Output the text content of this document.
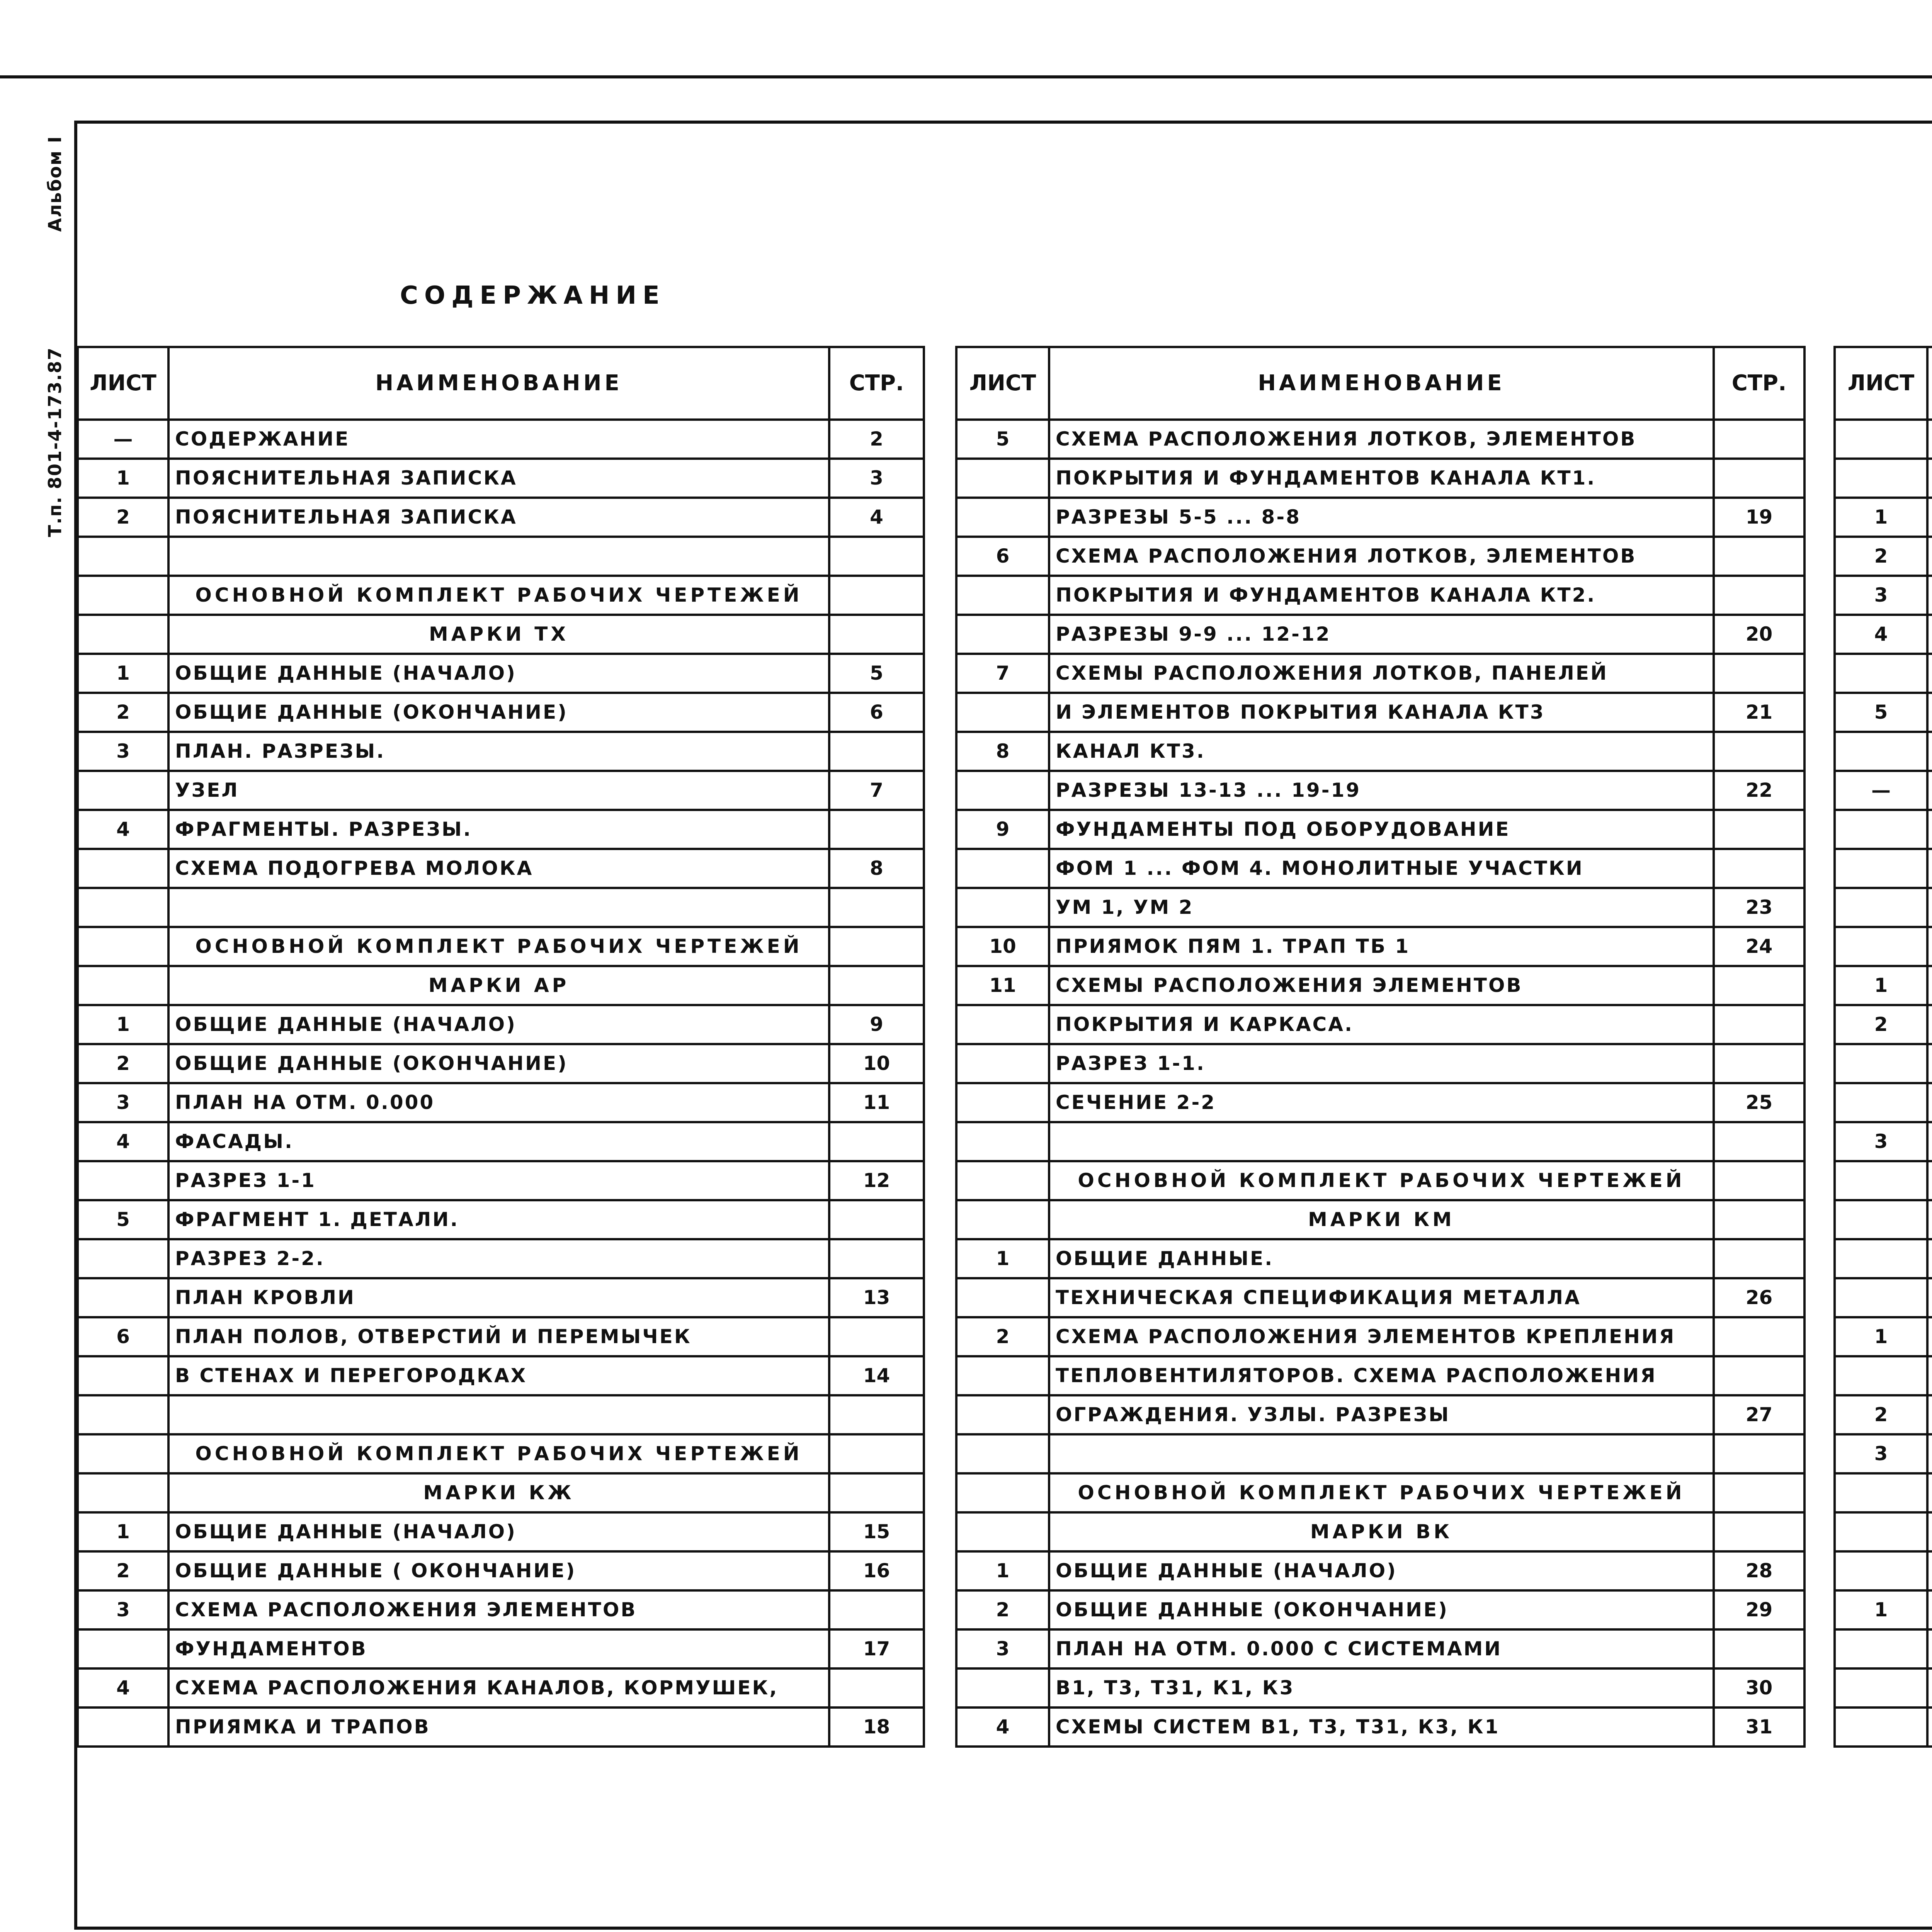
Альбом I
Т.п. 801-4-173.87
СОДЕРЖАНИЕ
ЛИСТ	НАИМЕНОВАНИЕ	СТР.
—	СОДЕРЖАНИЕ	2
1	ПОЯСНИТЕЛЬНАЯ ЗАПИСКА	3
2	ПОЯСНИТЕЛЬНАЯ ЗАПИСКА	4

	ОСНОВНОЙ КОМПЛЕКТ РАБОЧИХ ЧЕРТЕЖЕЙ	
	МАРКИ ТХ	
1	ОБЩИЕ ДАННЫЕ (НАЧАЛО)	5
2	ОБЩИЕ ДАННЫЕ (ОКОНЧАНИЕ)	6
3	ПЛАН. РАЗРЕЗЫ.	
	УЗЕЛ	7
4	ФРАГМЕНТЫ. РАЗРЕЗЫ.	
	СХЕМА ПОДОГРЕВА МОЛОКА	8

	ОСНОВНОЙ КОМПЛЕКТ РАБОЧИХ ЧЕРТЕЖЕЙ	
	МАРКИ АР	
1	ОБЩИЕ ДАННЫЕ (НАЧАЛО)	9
2	ОБЩИЕ ДАННЫЕ (ОКОНЧАНИЕ)	10
3	ПЛАН НА ОТМ. 0.000	11
4	ФАСАДЫ.	
	РАЗРЕЗ 1-1	12
5	ФРАГМЕНТ 1. ДЕТАЛИ.	
	РАЗРЕЗ 2-2.	
	ПЛАН КРОВЛИ	13
6	ПЛАН ПОЛОВ, ОТВЕРСТИЙ И ПЕРЕМЫЧЕК	
	В СТЕНАХ И ПЕРЕГОРОДКАХ	14

	ОСНОВНОЙ КОМПЛЕКТ РАБОЧИХ ЧЕРТЕЖЕЙ	
	МАРКИ КЖ	
1	ОБЩИЕ ДАННЫЕ (НАЧАЛО)	15
2	ОБЩИЕ ДАННЫЕ ( ОКОНЧАНИЕ)	16
3	СХЕМА РАСПОЛОЖЕНИЯ ЭЛЕМЕНТОВ	
	ФУНДАМЕНТОВ	17
4	СХЕМА РАСПОЛОЖЕНИЯ КАНАЛОВ, КОРМУШЕК,	
	ПРИЯМКА И ТРАПОВ	18
ЛИСТ	НАИМЕНОВАНИЕ	СТР.
5	СХЕМА РАСПОЛОЖЕНИЯ ЛОТКОВ, ЭЛЕМЕНТОВ	
	ПОКРЫТИЯ И ФУНДАМЕНТОВ КАНАЛА КТ1.	
	РАЗРЕЗЫ 5-5 ... 8-8	19
6	СХЕМА РАСПОЛОЖЕНИЯ ЛОТКОВ, ЭЛЕМЕНТОВ	
	ПОКРЫТИЯ И ФУНДАМЕНТОВ КАНАЛА КТ2.	
	РАЗРЕЗЫ 9-9 ... 12-12	20
7	СХЕМЫ РАСПОЛОЖЕНИЯ ЛОТКОВ, ПАНЕЛЕЙ	
	И ЭЛЕМЕНТОВ ПОКРЫТИЯ КАНАЛА КТ3	21
8	КАНАЛ КТ3.	
	РАЗРЕЗЫ 13-13 ... 19-19	22
9	ФУНДАМЕНТЫ ПОД ОБОРУДОВАНИЕ	
	ФОМ 1 ... ФОМ 4. МОНОЛИТНЫЕ УЧАСТКИ	
	УМ 1, УМ 2	23
10	ПРИЯМОК ПЯМ 1. ТРАП ТБ 1	24
11	СХЕМЫ РАСПОЛОЖЕНИЯ ЭЛЕМЕНТОВ	
	ПОКРЫТИЯ И КАРКАСА.	
	РАЗРЕЗ 1-1.	
	СЕЧЕНИЕ 2-2	25

	ОСНОВНОЙ КОМПЛЕКТ РАБОЧИХ ЧЕРТЕЖЕЙ	
	МАРКИ КМ	
1	ОБЩИЕ ДАННЫЕ.	
	ТЕХНИЧЕСКАЯ СПЕЦИФИКАЦИЯ МЕТАЛЛА	26
2	СХЕМА РАСПОЛОЖЕНИЯ ЭЛЕМЕНТОВ КРЕПЛЕНИЯ	
	ТЕПЛОВЕНТИЛЯТОРОВ. СХЕМА РАСПОЛОЖЕНИЯ	
	ОГРАЖДЕНИЯ. УЗЛЫ. РАЗРЕЗЫ	27

	ОСНОВНОЙ КОМПЛЕКТ РАБОЧИХ ЧЕРТЕЖЕЙ	
	МАРКИ ВК	
1	ОБЩИЕ ДАННЫЕ (НАЧАЛО)	28
2	ОБЩИЕ ДАННЫЕ (ОКОНЧАНИЕ)	29
3	ПЛАН НА ОТМ. 0.000 С СИСТЕМАМИ	
	В1, Т3, Т31, К1, К3	30
4	СХЕМЫ СИСТЕМ В1, Т3, Т31, К3, К1	31
ЛИСТ		

1		
2		
3		
4		

5		

—		

1		
2		

3		

1		

2		
3		

1		
